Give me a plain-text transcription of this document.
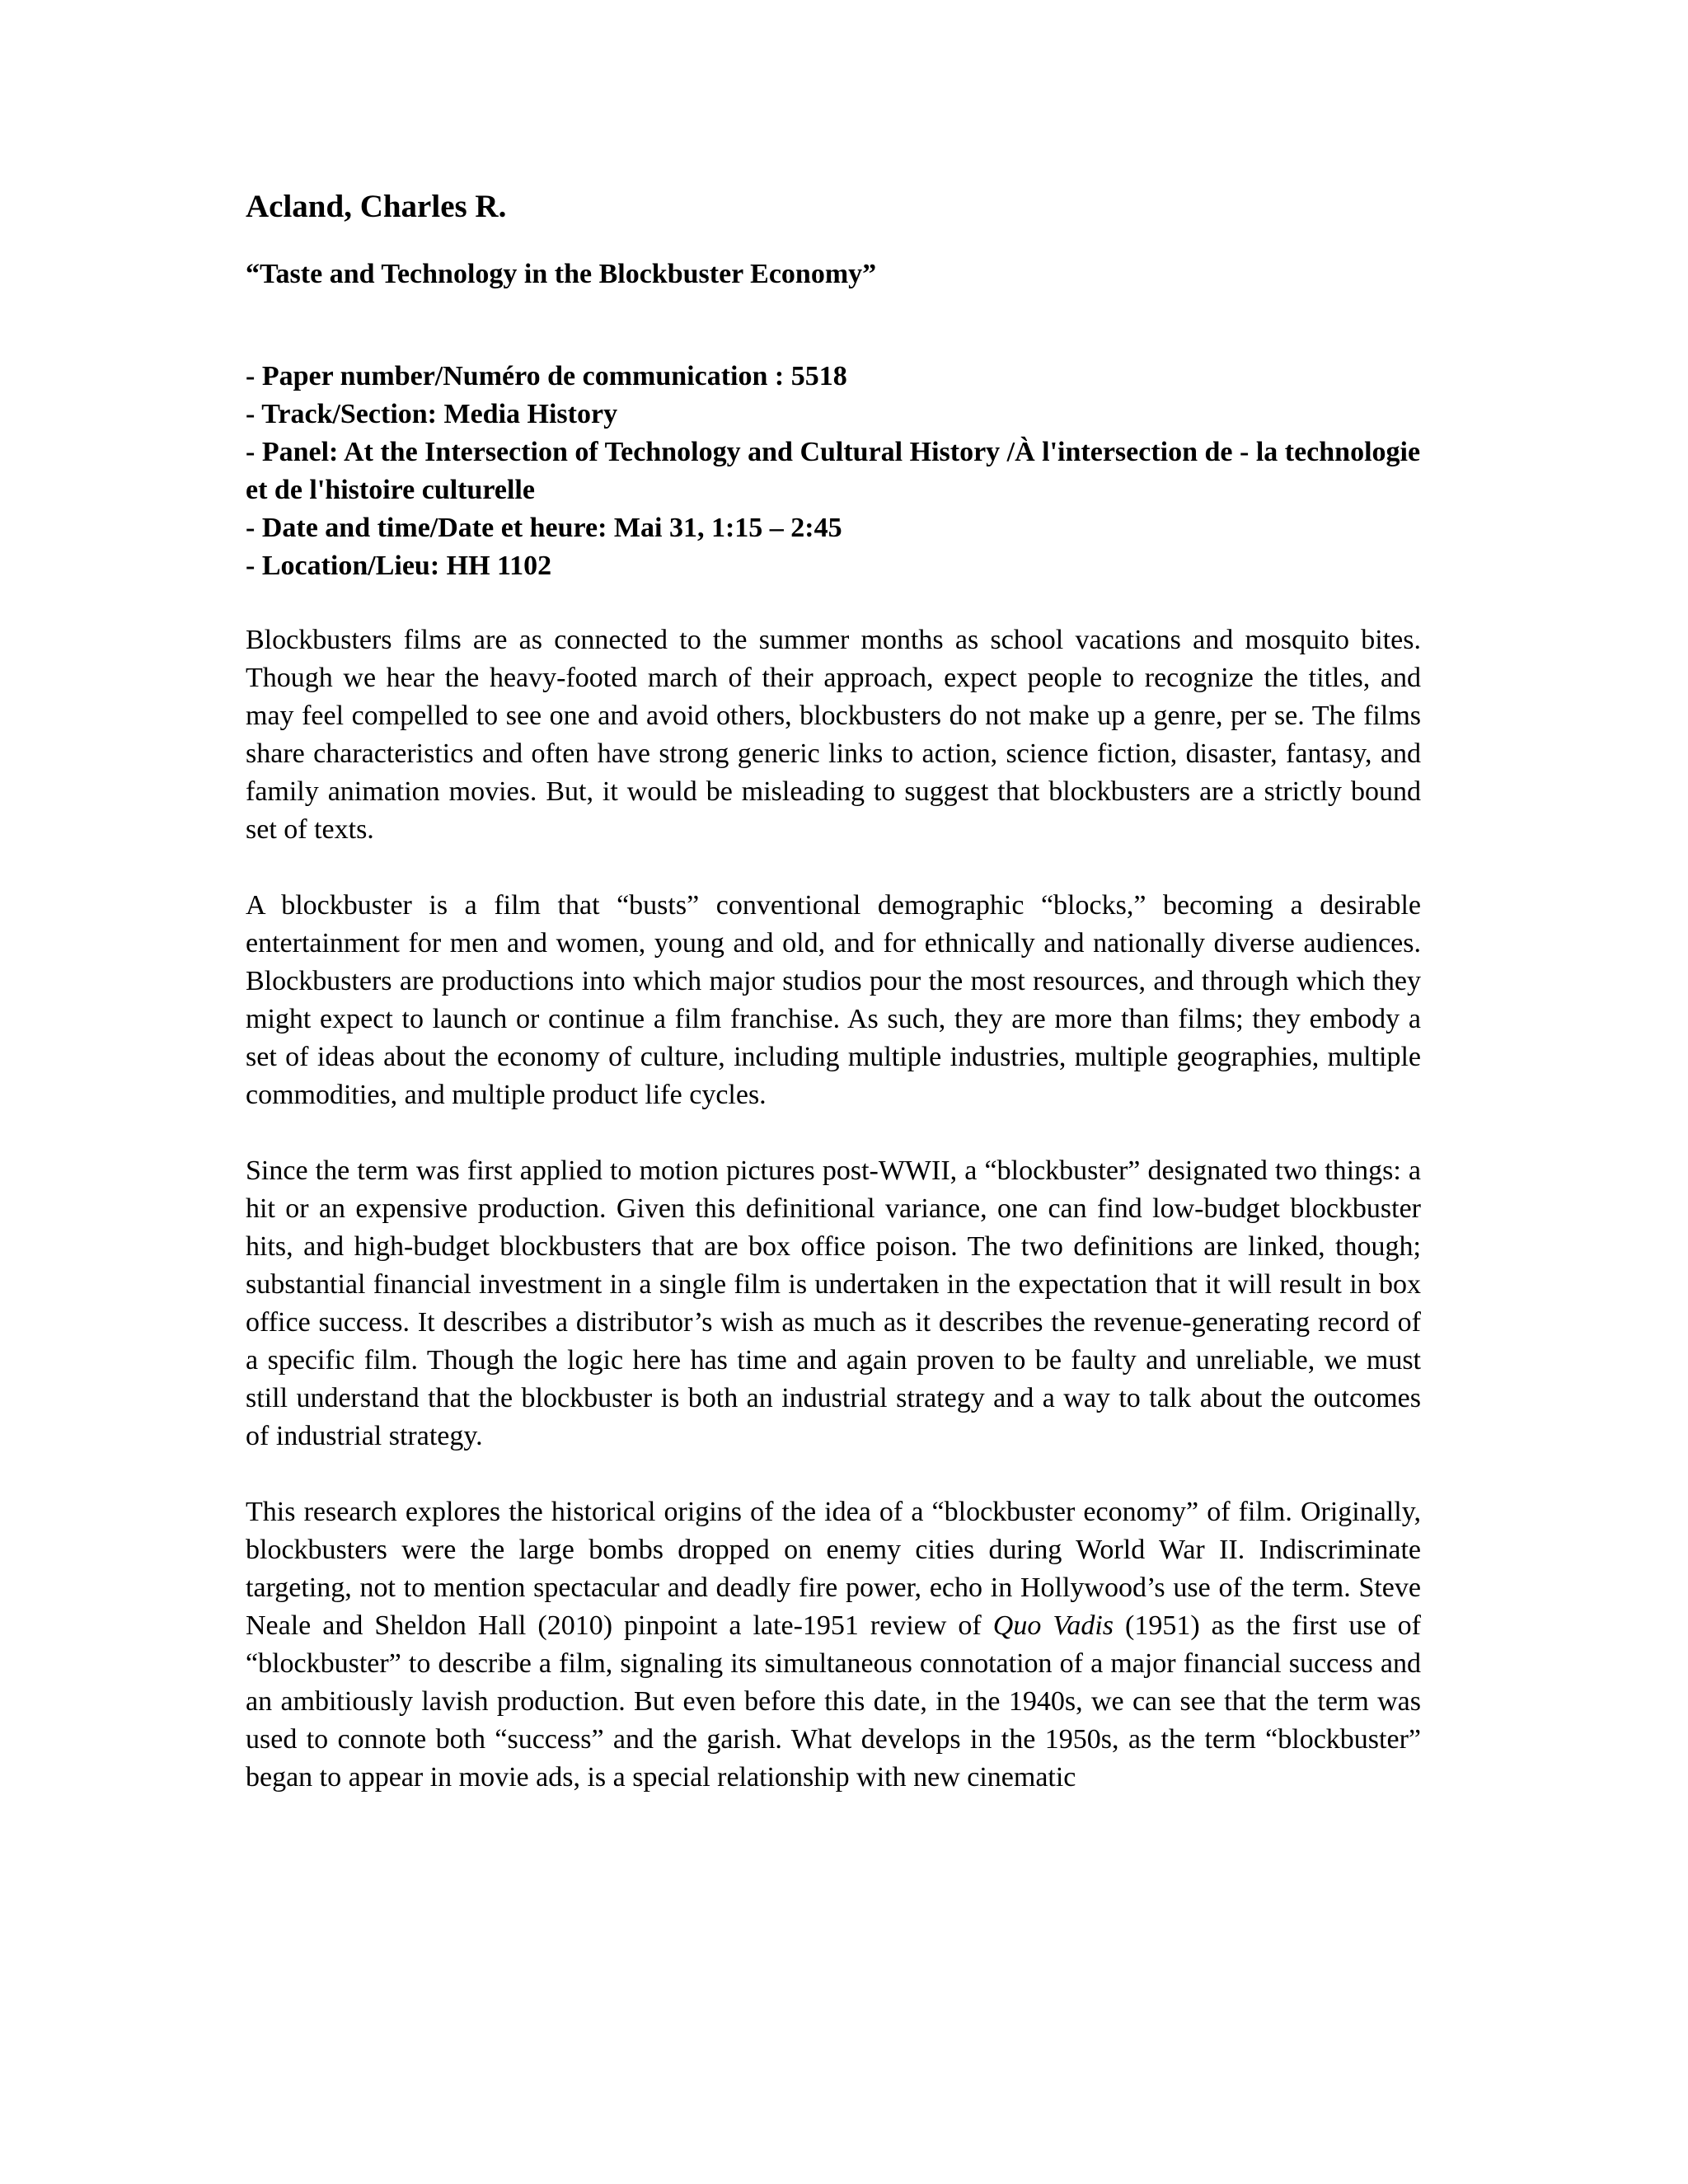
Acland, Charles R.
“Taste and Technology in the Blockbuster Economy”
- Paper number/Numéro de communication : 5518
- Track/Section: Media History
- Panel: At the Intersection of Technology and Cultural History /À l'intersection de - la technologie et de l'histoire culturelle
- Date and time/Date et heure: Mai 31, 1:15 – 2:45
- Location/Lieu: HH 1102

Blockbusters films are as connected to the summer months as school vacations and mosquito bites. Though we hear the heavy-footed march of their approach, expect people to recognize the titles, and may feel compelled to see one and avoid others, blockbusters do not make up a genre, per se. The films share characteristics and often have strong generic links to action, science fiction, disaster, fantasy, and family animation movies. But, it would be misleading to suggest that blockbusters are a strictly bound set of texts.

A blockbuster is a film that “busts” conventional demographic “blocks,” becoming a desirable entertainment for men and women, young and old, and for ethnically and nationally diverse audiences. Blockbusters are productions into which major studios pour the most resources, and through which they might expect to launch or continue a film franchise. As such, they are more than films; they embody a set of ideas about the economy of culture, including multiple industries, multiple geographies, multiple commodities, and multiple product life cycles.

Since the term was first applied to motion pictures post-WWII, a “blockbuster” designated two things: a hit or an expensive production. Given this definitional variance, one can find low-budget blockbuster hits, and high-budget blockbusters that are box office poison. The two definitions are linked, though; substantial financial investment in a single film is undertaken in the expectation that it will result in box office success. It describes a distributor’s wish as much as it describes the revenue-generating record of a specific film. Though the logic here has time and again proven to be faulty and unreliable, we must still understand that the blockbuster is both an industrial strategy and a way to talk about the outcomes of industrial strategy.

This research explores the historical origins of the idea of a “blockbuster economy” of film. Originally, blockbusters were the large bombs dropped on enemy cities during World War II. Indiscriminate targeting, not to mention spectacular and deadly fire power, echo in Hollywood’s use of the term. Steve Neale and Sheldon Hall (2010) pinpoint a late-1951 review of Quo Vadis (1951) as the first use of “blockbuster” to describe a film, signaling its simultaneous connotation of a major financial success and an ambitiously lavish production. But even before this date, in the 1940s, we can see that the term was used to connote both “success” and the garish. What develops in the 1950s, as the term “blockbuster” began to appear in movie ads, is a special relationship with new cinematic
